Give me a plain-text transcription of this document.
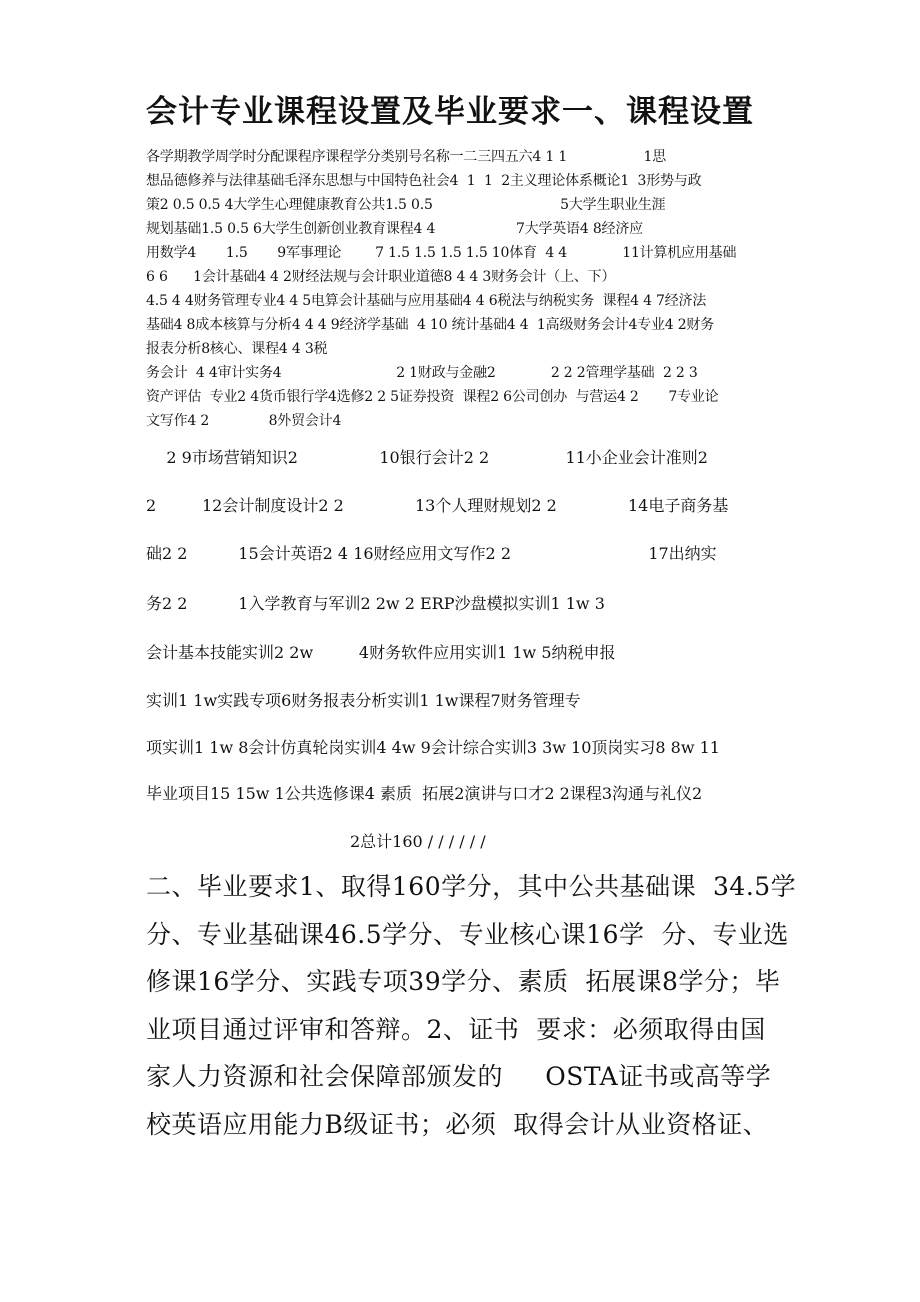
会计专业课程设置及毕业要求一、课程设置
各学期教学周学时分配课程序课程学分类别号名称一二三四五六4 1 1                  1思
想品德修养与法律基础毛泽东思想与中国特色社会4  1  1  2主义理论体系概论1  3形势与政
策2 0.5 0.5 4大学生心理健康教育公共1.5 0.5                              5大学生职业生涯
规划基础1.5 0.5 6大学生创新创业教育课程4 4                   7大学英语4 8经济应
用数学4       1.5       9军事理论        7 1.5 1.5 1.5 1.5 10体育  4 4             11计算机应用基础
6 6      1会计基础4 4 2财经法规与会计职业道德8 4 4 3财务会计（上、下）
4.5 4 4财务管理专业4 4 5电算会计基础与应用基础4 4 6税法与纳税实务  课程4 4 7经济法
基础4 8成本核算与分析4 4 4 9经济学基础  4 10 统计基础4 4  1高级财务会计4专业4 2财务
报表分析8核心、课程4 4 3税
务会计  4 4审计实务4                           2 1财政与金融2             2 2 2管理学基础  2 2 3
资产评估  专业2 4货币银行学4选修2 2 5证券投资  课程2 6公司创办  与营运4 2       7专业论
文写作4 2              8外贸会计4
2 9市场营销知识2                10银行会计2 2               11小企业会计准则2
2         12会计制度设计2 2              13个人理财规划2 2              14电子商务基
础2 2          15会计英语2 4 16财经应用文写作2 2                           17出纳实
务2 2          1入学教育与军训2 2w 2 ERP沙盘模拟实训1 1w 3
会计基本技能实训2 2w         4财务软件应用实训1 1w 5纳税申报
实训1 1w实践专项6财务报表分析实训1 1w课程7财务管理专
项实训1 1w 8会计仿真轮岗实训4 4w 9会计综合实训3 3w 10顶岗实习8 8w 11
毕业项目15 15w 1公共选修课4 素质  拓展2演讲与口才2 2课程3沟通与礼仪2
2总计160 / / / / / /
二、毕业要求1、取得160学分，其中公共基础课  34.5学
分、专业基础课46.5学分、专业核心课16学  分、专业选
修课16学分、实践专项39学分、素质  拓展课8学分；毕
业项目通过评审和答辩。2、证书  要求：必须取得由国
家人力资源和社会保障部颁发的     OSTA证书或高等学
校英语应用能力B级证书；必须  取得会计从业资格证、
